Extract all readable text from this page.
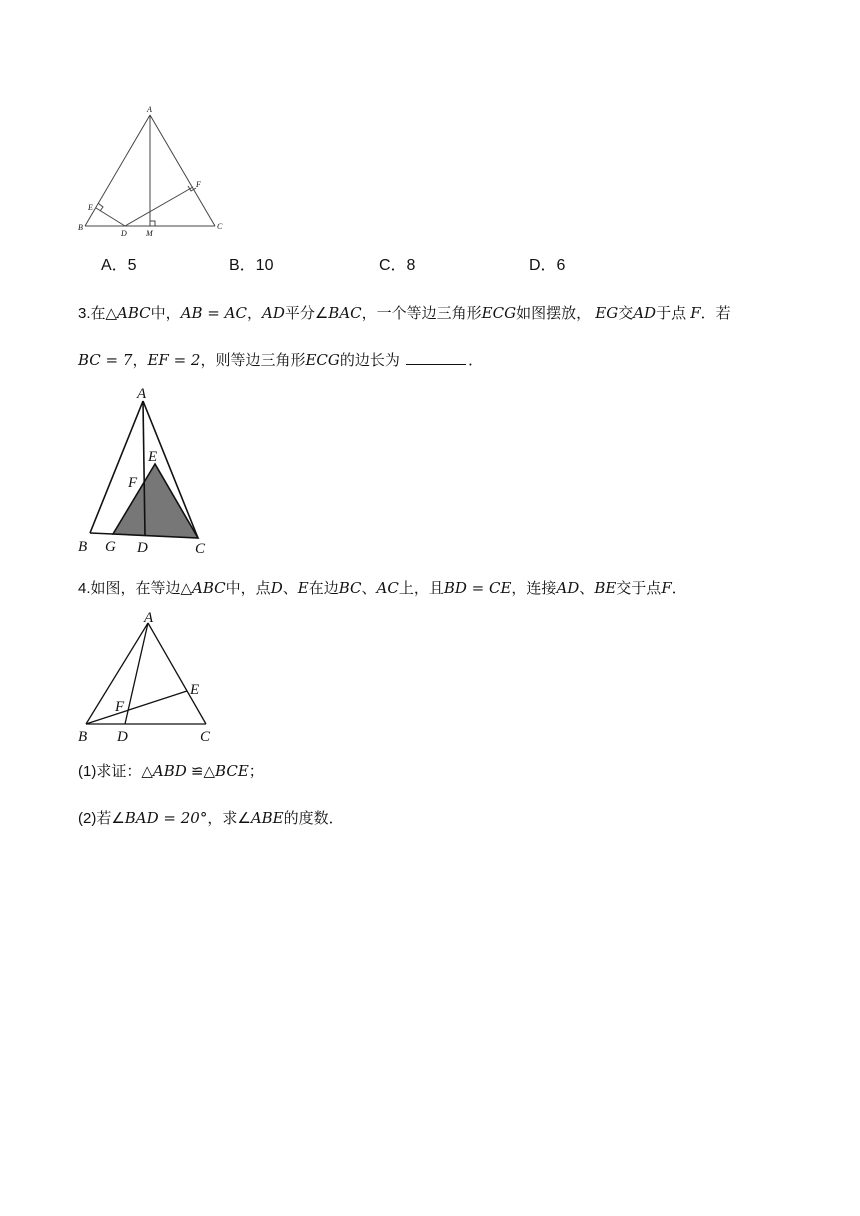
A
B	C
D
E
F
M
A．5	B．10	C．8	D．6
3.在△ABC中，AB = AC，AD平分∠BAC，一个等边三角形ECG如图摆放， EG交AD于点 F．若
BC = 7，EF = 2，则等边三角形ECG的边长为	．
A
E
F
B G D	C
4.如图，在等边△ABC中，点D、E在边BC、AC上，且BD = CE，连接AD、BE交于点F．
A
E
F
B D	C
(1)求证：△ABD ≌△BCE；
(2)若∠BAD = 20°，求∠ABE的度数．
